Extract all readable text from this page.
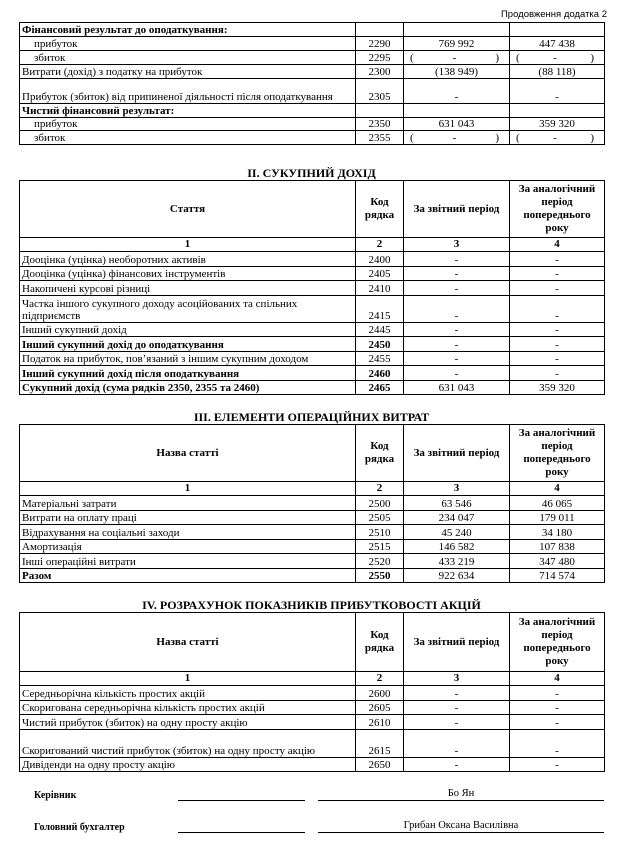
Продовження додатка 2
Фінансовий результат до оподаткування:			
прибуток	2290	769 992	447 438
збиток	2295	( - )	( - )

Витрати (дохід) з податку на прибуток	2300	(138 949)	(88 118)
Прибуток (збиток) від припиненої діяльності після оподаткування	2305	-	-
Чистий фінансовий результат:			
прибуток	2350	631 043	359 320
збиток	2355	( - )	( - )
II. СУКУПНИЙ ДОХІД
Стаття	Код рядка	За звітний період	За аналогічний період попереднього року
1	2	3	4
Дооцінка (уцінка) необоротних активів	2400	-	-
Дооцінка (уцінка) фінансових інструментів	2405	-	-
Накопичені курсові різниці	2410	-	-
Частка іншого сукупного доходу асоційованих та спільних підприємств	2415	-	-
Інший сукупний дохід	2445	-	-
Інший сукупний дохід до оподаткування	2450	-	-
Податок на прибуток, пов’язаний з іншим сукупним доходом	2455	-	-
Інший сукупний дохід після оподаткування	2460	-	-
Сукупний дохід (сума рядків 2350, 2355 та 2460)	2465	631 043	359 320
III. ЕЛЕМЕНТИ ОПЕРАЦІЙНИХ ВИТРАТ
Назва статті	Код рядка	За звітний період	За аналогічний період попереднього року
1	2	3	4
Матеріальні затрати	2500	63 546	46 065
Витрати на оплату праці	2505	234 047	179 011
Відрахування на соціальні заходи	2510	45 240	34 180
Амортизація	2515	146 582	107 838
Інші операційні витрати	2520	433 219	347 480
Разом	2550	922 634	714 574
IV. РОЗРАХУНОК ПОКАЗНИКІВ ПРИБУТКОВОСТІ АКЦІЙ
Назва статті	Код рядка	За звітний період	За аналогічний період попереднього року
1	2	3	4
Середньорічна кількість простих акцій	2600	-	-
Скоригована середньорічна кількість простих акцій	2605	-	-
Чистий прибуток (збиток) на одну просту акцію	2610	-	-
Скоригований чистий прибуток (збиток) на одну просту акцію	2615	-	-
Дивіденди на одну просту акцію	2650	-	-
Керівник	Бо Ян
Головний бухгалтер	Грибан Оксана Василівна
